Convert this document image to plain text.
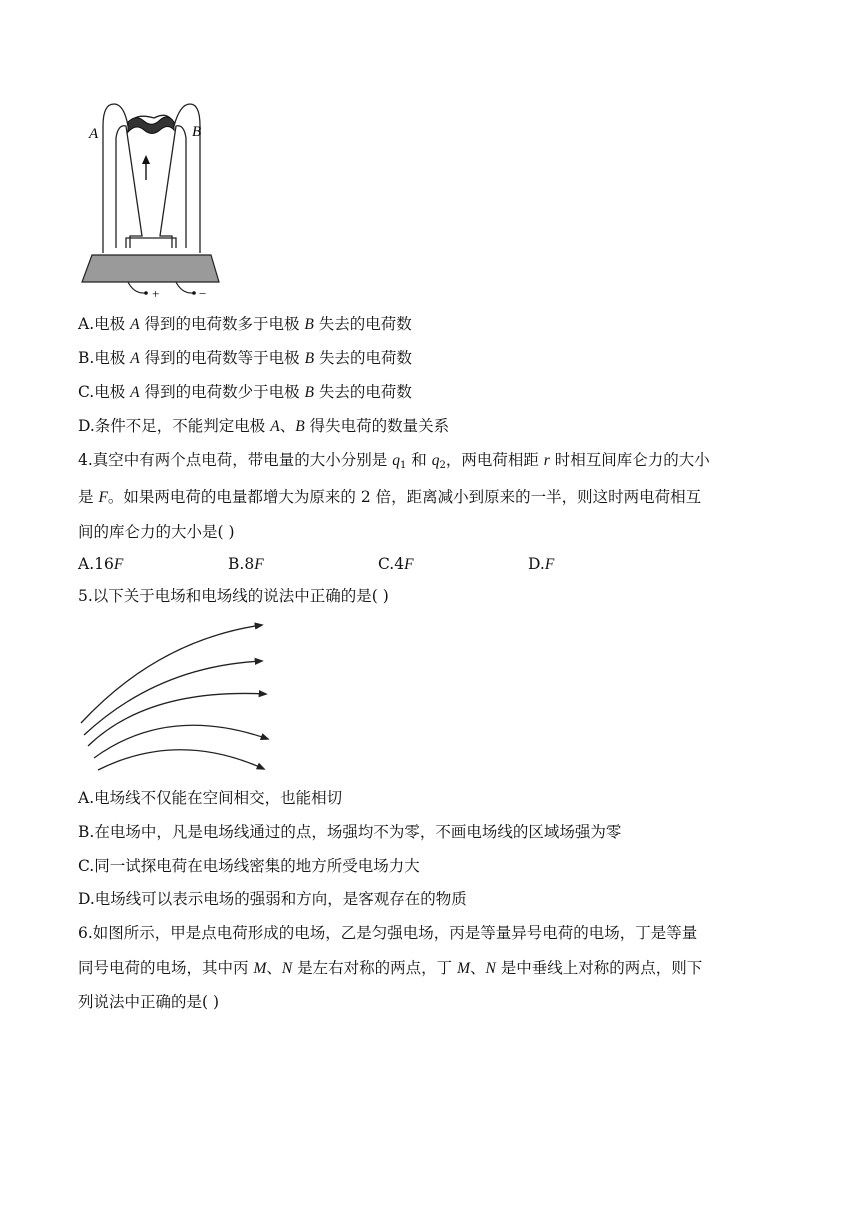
A	B
+	−
A.电极 A 得到的电荷数多于电极 B 失去的电荷数
B.电极 A 得到的电荷数等于电极 B 失去的电荷数
C.电极 A 得到的电荷数少于电极 B 失去的电荷数
D.条件不足，不能判定电极 A、B 得失电荷的数量关系
4.真空中有两个点电荷，带电量的大小分别是 $q_1$ 和 $q_2$，两电荷相距 r 时相互间库仑力的大小
是 F。如果两电荷的电量都增大为原来的 2 倍，距离减小到原来的一半，则这时两电荷相互
间的库仑力的大小是( )
A.16F	B.8F	C.4F	D.F
5.以下关于电场和电场线的说法中正确的是( )
A.电场线不仅能在空间相交，也能相切
B.在电场中，凡是电场线通过的点，场强均不为零，不画电场线的区域场强为零
C.同一试探电荷在电场线密集的地方所受电场力大
D.电场线可以表示电场的强弱和方向，是客观存在的物质
6.如图所示，甲是点电荷形成的电场，乙是匀强电场，丙是等量异号电荷的电场，丁是等量
同号电荷的电场，其中丙 M、N 是左右对称的两点，丁 M、N 是中垂线上对称的两点，则下
列说法中正确的是( )
